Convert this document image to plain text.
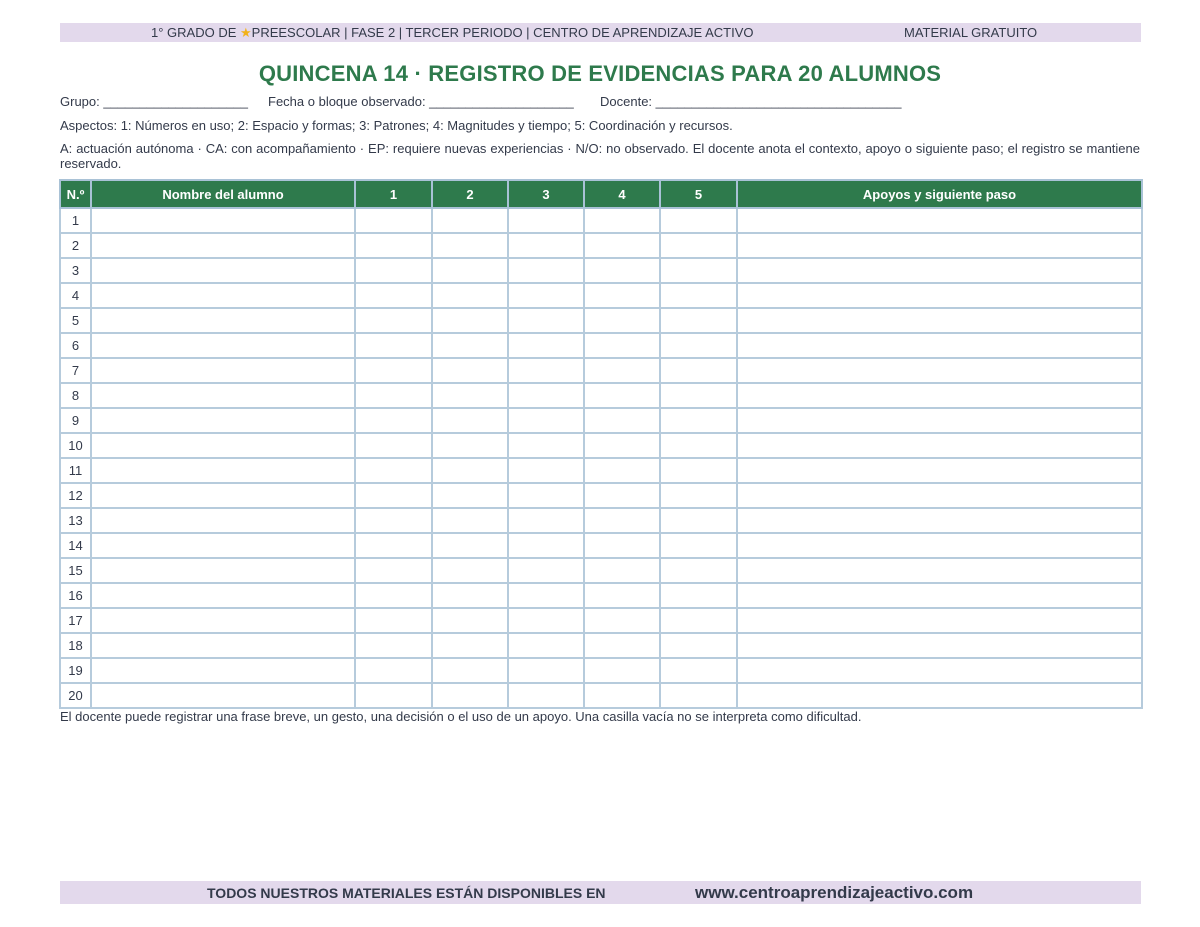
1° GRADO DE ★PREESCOLAR | FASE 2 | TERCER PERIODO | CENTRO DE APRENDIZAJE ACTIVO	MATERIAL GRATUITO
QUINCENA 14 · REGISTRO DE EVIDENCIAS PARA 20 ALUMNOS
Grupo: ____________________ Fecha o bloque observado: ____________________ Docente: __________________________________
Aspectos: 1: Números en uso; 2: Espacio y formas; 3: Patrones; 4: Magnitudes y tiempo; 5: Coordinación y recursos.
A: actuación autónoma · CA: con acompañamiento · EP: requiere nuevas experiencias · N/O: no observado. El docente anota el contexto, apoyo o siguiente paso; el registro se mantiene reservado.
N.º	Nombre del alumno	1	2	3	4	5	Apoyos y siguiente paso
1							
2							
3							
4							
5							
6							
7							
8							
9							
10							
11							
12							
13							
14							
15							
16							
17							
18							
19							
20							
El docente puede registrar una frase breve, un gesto, una decisión o el uso de un apoyo. Una casilla vacía no se interpreta como dificultad.
TODOS NUESTROS MATERIALES ESTÁN DISPONIBLES EN	www.centroaprendizajeactivo.com
